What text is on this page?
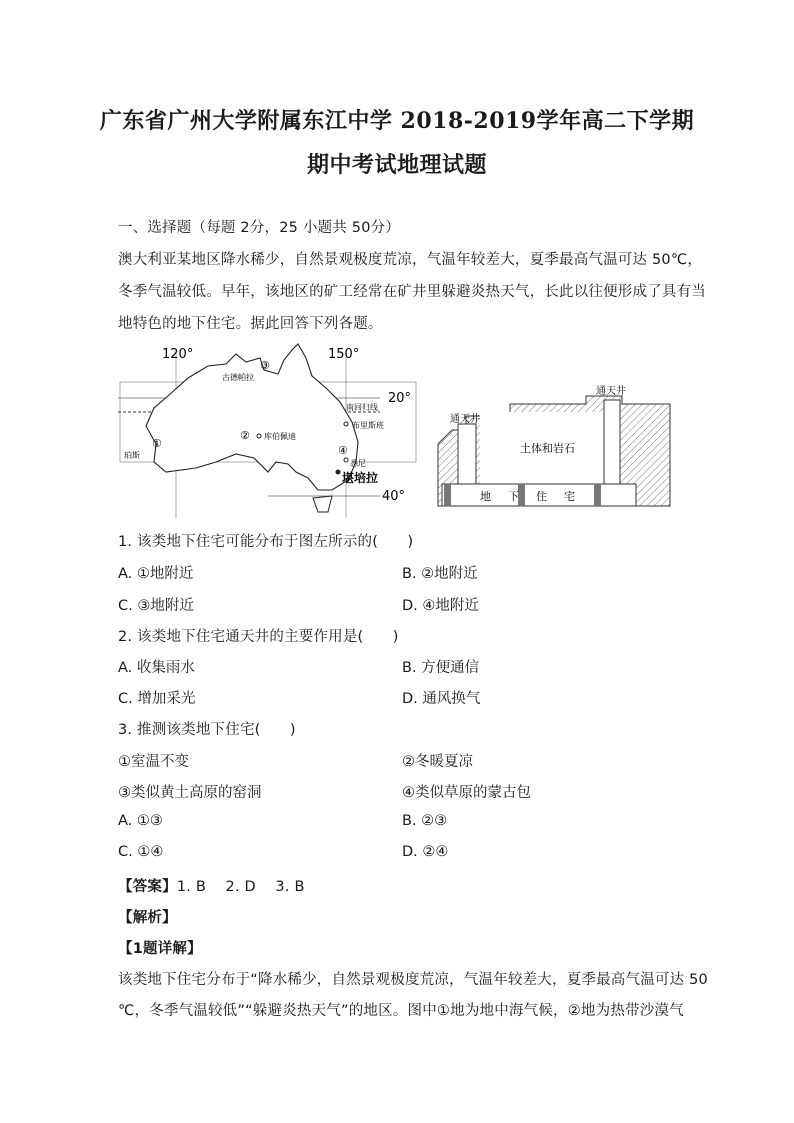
广东省广州大学附属东江中学 2018-2019学年高二下学期
期中考试地理试题
一、选择题（每题 2分，25 小题共 50分）
澳大利亚某地区降水稀少，自然景观极度荒凉，气温年较差大，夏季最高气温可达 50℃，
冬季气温较低。早年，该地区的矿工经常在矿井里躲避炎热天气，长此以往便形成了具有当
地特色的地下住宅。据此回答下列各题。
120°	150°
20°
40°
南回归线
③
古德帕拉
①
珀斯
② 库伯佩迪
布里斯班
④
悉尼
堪培拉
通天井
通天井
土体和岩石
地 下 住 宅
1. 该类地下住宅可能分布于图左所示的(　　)
A. ①地附近	B. ②地附近
C. ③地附近	D. ④地附近
2. 该类地下住宅通天井的主要作用是(　　)
A. 收集雨水	B. 方便通信
C. 增加采光	D. 通风换气
3. 推测该类地下住宅(　　)
①室温不变	②冬暖夏凉
③类似黄土高原的窑洞	④类似草原的蒙古包
A. ①③	B. ②③
C. ①④	D. ②④
【答案】1. B　 2. D　 3. B
【解析】
【1题详解】
该类地下住宅分布于“降水稀少，自然景观极度荒凉，气温年较差大，夏季最高气温可达 50
℃，冬季气温较低”“躲避炎热天气”的地区。图中①地为地中海气候，②地为热带沙漠气
